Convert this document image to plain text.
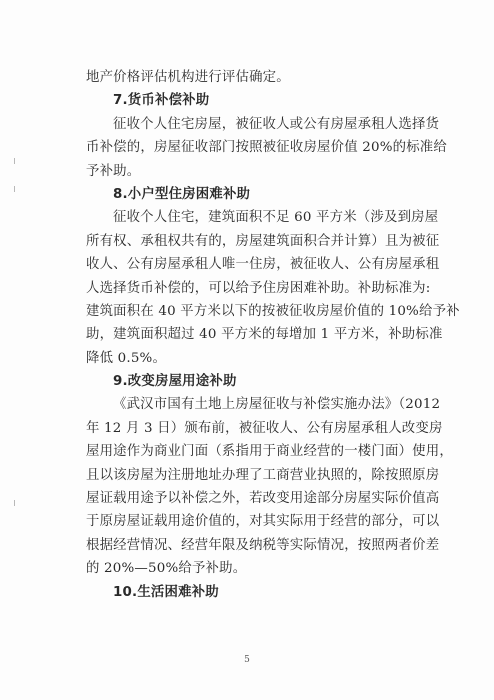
地产价格评估机构进行评估确定。
7.货币补偿补助
征收个人住宅房屋，被征收人或公有房屋承租人选择货
币补偿的，房屋征收部门按照被征收房屋价值 20%的标准给
予补助。
8.小户型住房困难补助
征收个人住宅，建筑面积不足 60 平方米（涉及到房屋
所有权、承租权共有的，房屋建筑面积合并计算）且为被征
收人、公有房屋承租人唯一住房，被征收人、公有房屋承租
人选择货币补偿的，可以给予住房困难补助。补助标准为:
建筑面积在 40 平方米以下的按被征收房屋价值的 10%给予补
助，建筑面积超过 40 平方米的每增加 1 平方米，补助标准
降低 0.5%。
9.改变房屋用途补助
《武汉市国有土地上房屋征收与补偿实施办法》（2012
年 12 月 3 日）颁布前，被征收人、公有房屋承租人改变房
屋用途作为商业门面（系指用于商业经营的一楼门面）使用，
且以该房屋为注册地址办理了工商营业执照的，除按照原房
屋证载用途予以补偿之外，若改变用途部分房屋实际价值高
于原房屋证载用途价值的，对其实际用于经营的部分，可以
根据经营情况、经营年限及纳税等实际情况，按照两者价差
的 20%—50%给予补助。
10.生活困难补助
5
